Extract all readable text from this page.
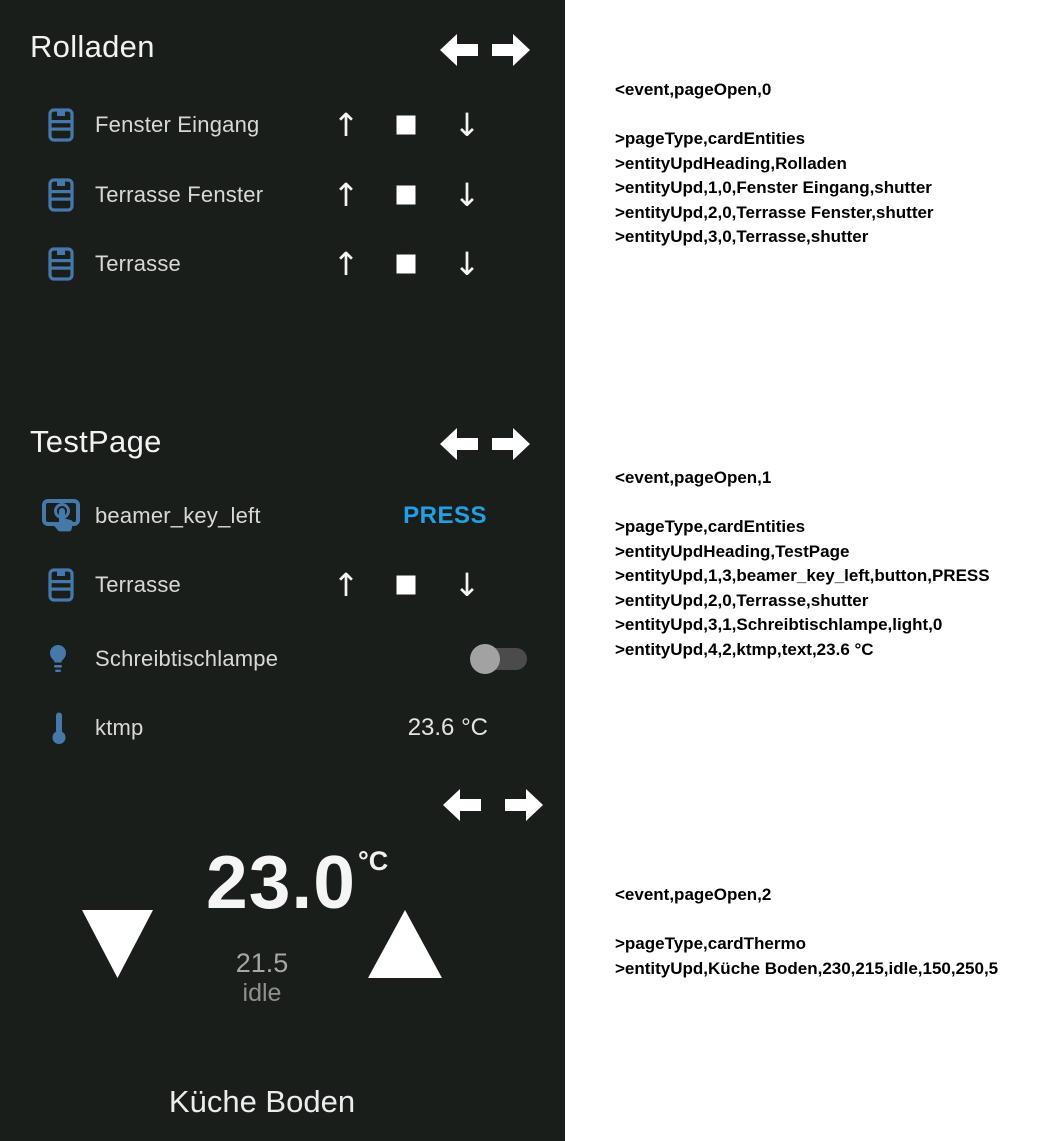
Rolladen
Fenster Eingang ↑	↓
Terrasse Fenster ↑	↓
Terrasse	↑	↓
TestPage
beamer_key_left	PRESS
Terrasse	↑	↓
Schreibtischlampe
ktmp	23.6 °C
23.0 °C
21.5
idle
Küche Boden
<event,pageOpen,0
>pageType,cardEntities
>entityUpdHeading,Rolladen
>entityUpd,1,0,Fenster Eingang,shutter
>entityUpd,2,0,Terrasse Fenster,shutter
>entityUpd,3,0,Terrasse,shutter
<event,pageOpen,1
>pageType,cardEntities
>entityUpdHeading,TestPage
>entityUpd,1,3,beamer_key_left,button,PRESS
>entityUpd,2,0,Terrasse,shutter
>entityUpd,3,1,Schreibtischlampe,light,0
>entityUpd,4,2,ktmp,text,23.6 °C
<event,pageOpen,2
>pageType,cardThermo
>entityUpd,Küche Boden,230,215,idle,150,250,5
